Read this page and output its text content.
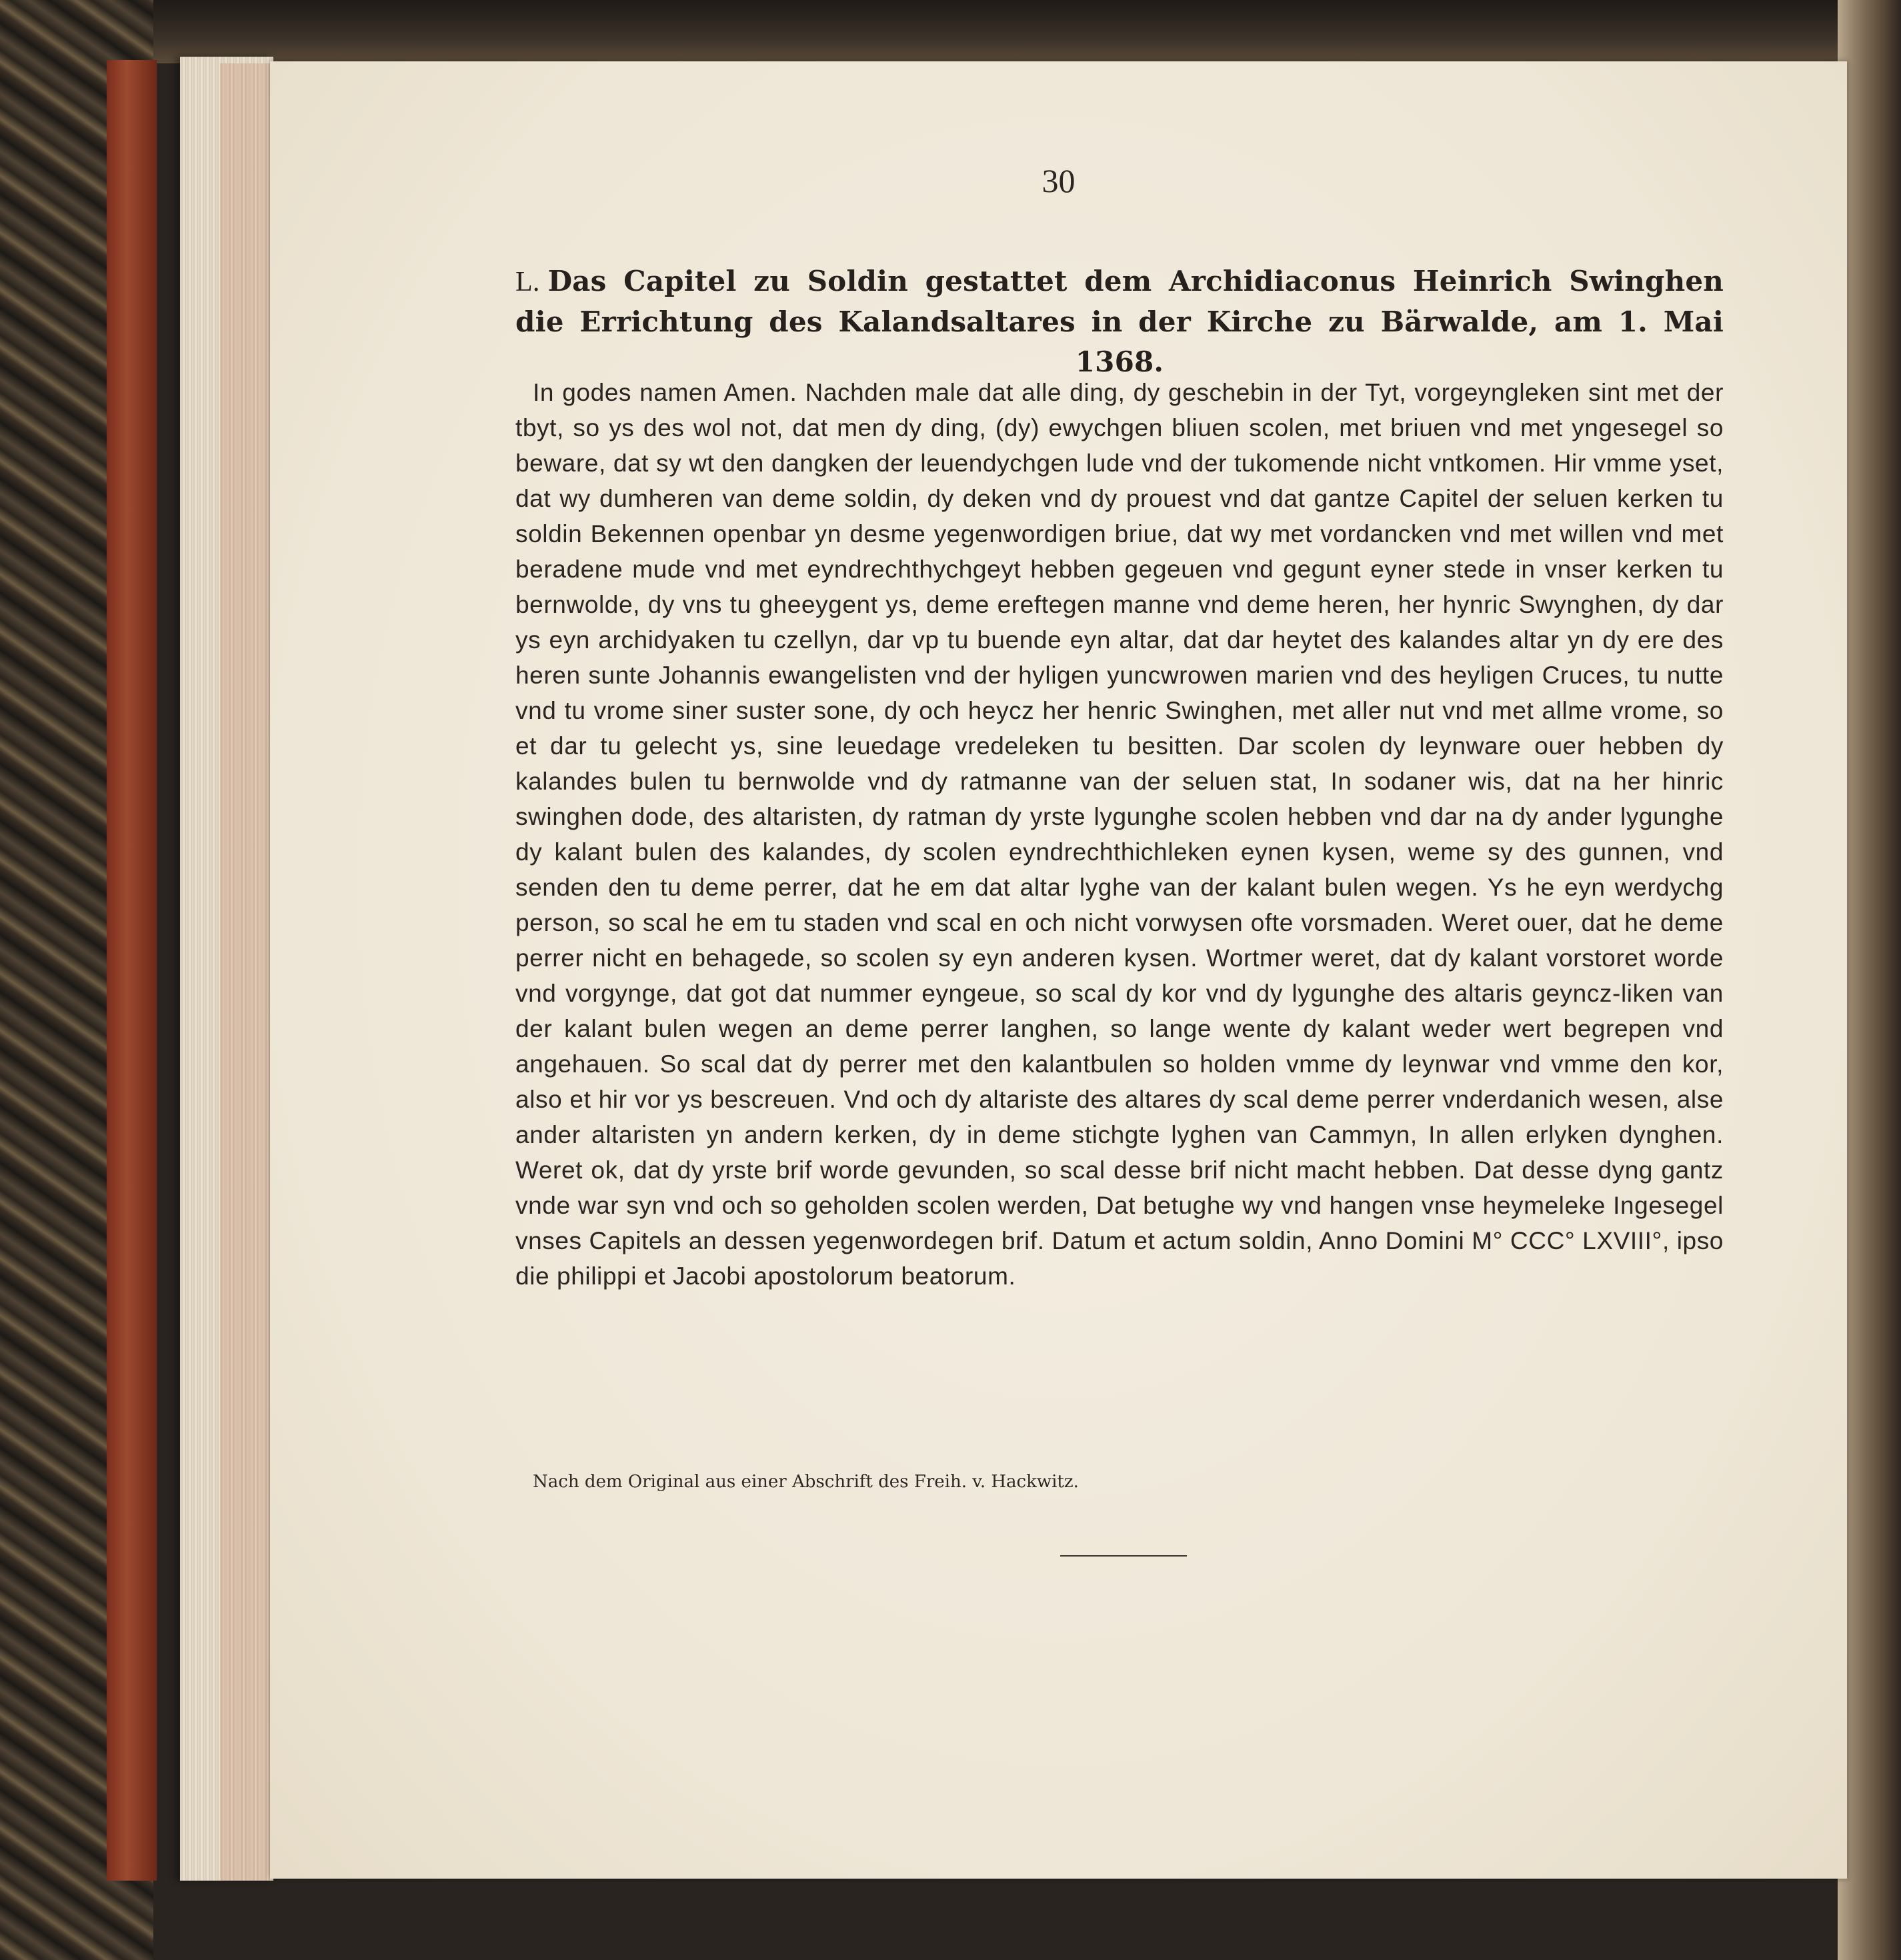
30

L. Das Capitel zu Soldin gestattet dem Archidiaconus Heinrich Swinghen die Errichtung des Kalandsaltares in der Kirche zu Bärwalde, am 1. Mai 1368.

In godes namen Amen. Nachden male dat alle ding, dy geschebin in der Tyt, vorgeyngleken sint met der tbyt, so ys des wol not, dat men dy ding, (dy) ewychgen bliuen scolen, met briuen vnd met yngesegel so beware, dat sy wt den dangken der leuendychgen lude vnd der tukomende nicht vntkomen. Hir vmme yset, dat wy dumheren van deme soldin, dy deken vnd dy prouest vnd dat gantze Capitel der seluen kerken tu soldin Bekennen openbar yn desme yegenwordigen briue, dat wy met vordancken vnd met willen vnd met beradene mude vnd met eyndrechthychgeyt hebben gegeuen vnd gegunt eyner stede in vnser kerken tu bernwolde, dy vns tu gheeygent ys, deme ereftegen manne vnd deme heren, her hynric Swynghen, dy dar ys eyn archidyaken tu czellyn, dar vp tu buende eyn altar, dat dar heytet des kalandes altar yn dy ere des heren sunte Johannis ewangelisten vnd der hyligen yuncwrowen marien vnd des heyligen Cruces, tu nutte vnd tu vrome siner suster sone, dy och heycz her henric Swinghen, met aller nut vnd met allme vrome, so et dar tu gelecht ys, sine leuedage vredeleken tu besitten. Dar scolen dy leynware ouer hebben dy kalandes bulen tu bernwolde vnd dy ratmanne van der seluen stat, In sodaner wis, dat na her hinric swinghen dode, des altaristen, dy ratman dy yrste lygunghe scolen hebben vnd dar na dy ander lygunghe dy kalant bulen des kalandes, dy scolen eyndrechthichleken eynen kysen, weme sy des gunnen, vnd senden den tu deme perrer, dat he em dat altar lyghe van der kalant bulen wegen. Ys he eyn werdychg person, so scal he em tu staden vnd scal en och nicht vorwysen ofte vorsmaden. Weret ouer, dat he deme perrer nicht en behagede, so scolen sy eyn anderen kysen. Wortmer weret, dat dy kalant vorstoret worde vnd vorgynge, dat got dat nummer eyngeue, so scal dy kor vnd dy lygunghe des altaris geyncz-liken van der kalant bulen wegen an deme perrer langhen, so lange wente dy kalant weder wert begrepen vnd angehauen. So scal dat dy perrer met den kalantbulen so holden vmme dy leynwar vnd vmme den kor, also et hir vor ys bescreuen. Vnd och dy altariste des altares dy scal deme perrer vnderdanich wesen, alse ander altaristen yn andern kerken, dy in deme stichgte lyghen van Cammyn, In allen erlyken dynghen. Weret ok, dat dy yrste brif worde gevunden, so scal desse brif nicht macht hebben. Dat desse dyng gantz vnde war syn vnd och so geholden scolen werden, Dat betughe wy vnd hangen vnse heymeleke Ingesegel vnses Capitels an dessen yegenwordegen brif. Datum et actum soldin, Anno Domini M° CCC° LXVIII°, ipso die philippi et Jacobi apostolorum beatorum.

Nach dem Original aus einer Abschrift des Freih. v. Hackwitz.
